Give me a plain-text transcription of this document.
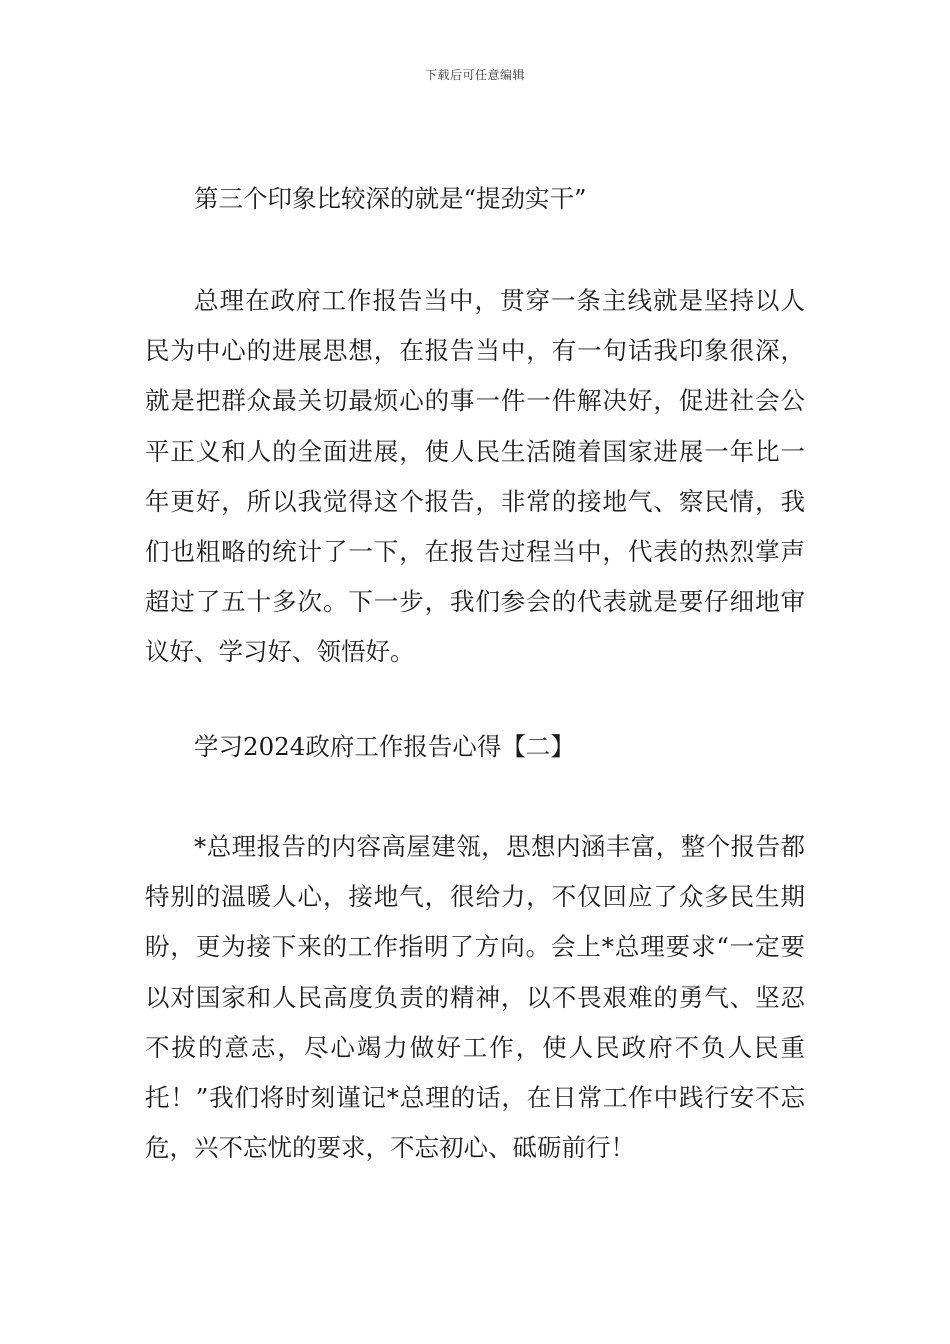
下载后可任意编辑
第三个印象比较深的就是“提劲实干”

总理在政府工作报告当中，贯穿一条主线就是坚持以人民为中心的进展思想，在报告当中，有一句话我印象很深，就是把群众最关切最烦心的事一件一件解决好，促进社会公平正义和人的全面进展，使人民生活随着国家进展一年比一年更好，所以我觉得这个报告，非常的接地气、察民情，我们也粗略的统计了一下，在报告过程当中，代表的热烈掌声超过了五十多次。下一步，我们参会的代表就是要仔细地审议好、学习好、领悟好。

学习2024政府工作报告心得【二】

*总理报告的内容高屋建瓴，思想内涵丰富，整个报告都特别的温暖人心，接地气，很给力，不仅回应了众多民生期盼，更为接下来的工作指明了方向。会上*总理要求“一定要以对国家和人民高度负责的精神，以不畏艰难的勇气、坚忍不拔的意志，尽心竭力做好工作，使人民政府不负人民重托！”我们将时刻谨记*总理的话，在日常工作中践行安不忘危，兴不忘忧的要求，不忘初心、砥砺前行！
